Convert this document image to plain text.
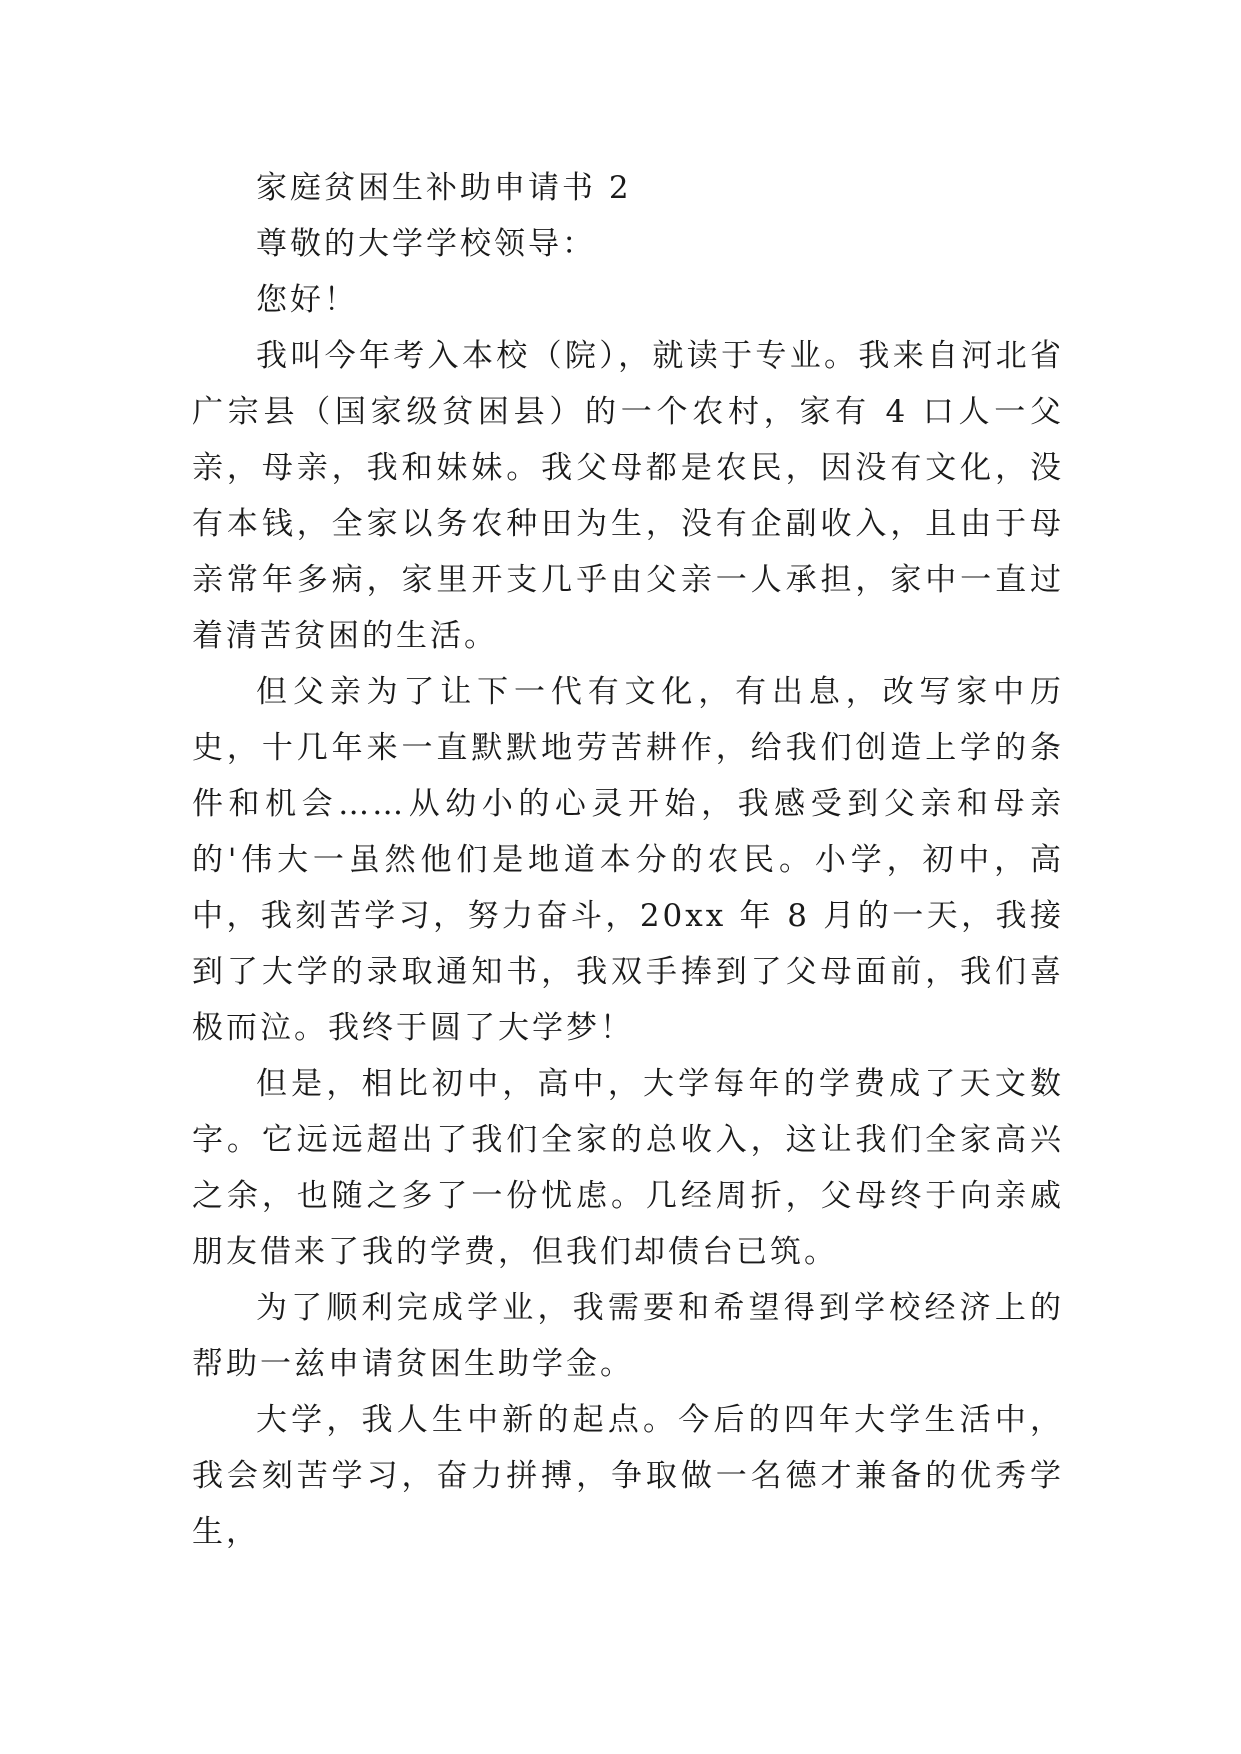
家庭贫困生补助申请书 2

尊敬的大学学校领导：

您好！

我叫今年考入本校（院），就读于专业。我来自河北省广宗县（国家级贫困县）的一个农村，家有 4 口人一父亲，母亲，我和妹妹。我父母都是农民，因没有文化，没有本钱，全家以务农种田为生，没有企副收入，且由于母亲常年多病，家里开支几乎由父亲一人承担，家中一直过着清苦贫困的生活。

但父亲为了让下一代有文化，有出息，改写家中历史，十几年来一直默默地劳苦耕作，给我们创造上学的条件和机会……从幼小的心灵开始，我感受到父亲和母亲的'伟大一虽然他们是地道本分的农民。小学，初中，高中，我刻苦学习，努力奋斗，20xx 年 8 月的一天，我接到了大学的录取通知书，我双手捧到了父母面前，我们喜极而泣。我终于圆了大学梦！

但是，相比初中，高中，大学每年的学费成了天文数字。它远远超出了我们全家的总收入，这让我们全家高兴之余，也随之多了一份忧虑。几经周折，父母终于向亲戚朋友借来了我的学费，但我们却债台已筑。

为了顺利完成学业，我需要和希望得到学校经济上的帮助一兹申请贫困生助学金。

大学，我人生中新的起点。今后的四年大学生活中，我会刻苦学习，奋力拼搏，争取做一名德才兼备的优秀学生，
